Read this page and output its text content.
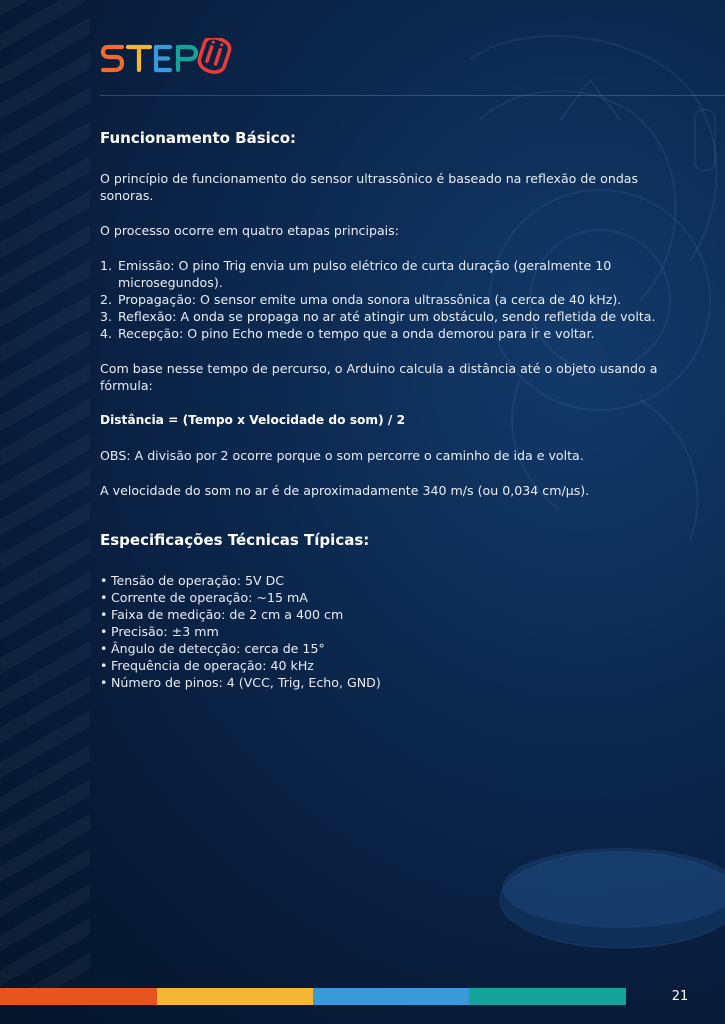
Funcionamento Básico:

O princípio de funcionamento do sensor ultrassônico é baseado na reflexão de ondas sonoras.

O processo ocorre em quatro etapas principais:

1. Emissão: O pino Trig envia um pulso elétrico de curta duração (geralmente 10 microsegundos).
2. Propagação: O sensor emite uma onda sonora ultrassônica (a cerca de 40 kHz).
3. Reflexão: A onda se propaga no ar até atingir um obstáculo, sendo refletida de volta.
4. Recepção: O pino Echo mede o tempo que a onda demorou para ir e voltar.

Com base nesse tempo de percurso, o Arduino calcula a distância até o objeto usando a fórmula:

Distância = (Tempo x Velocidade do som) / 2

OBS: A divisão por 2 ocorre porque o som percorre o caminho de ida e volta.

A velocidade do som no ar é de aproximadamente 340 m/s (ou 0,034 cm/µs).

Especificações Técnicas Típicas:
• Tensão de operação: 5V DC
• Corrente de operação: ~15 mA
• Faixa de medição: de 2 cm a 400 cm
• Precisão: ±3 mm
• Ângulo de detecção: cerca de 15°
• Frequência de operação: 40 kHz
• Número de pinos: 4 (VCC, Trig, Echo, GND)
21
